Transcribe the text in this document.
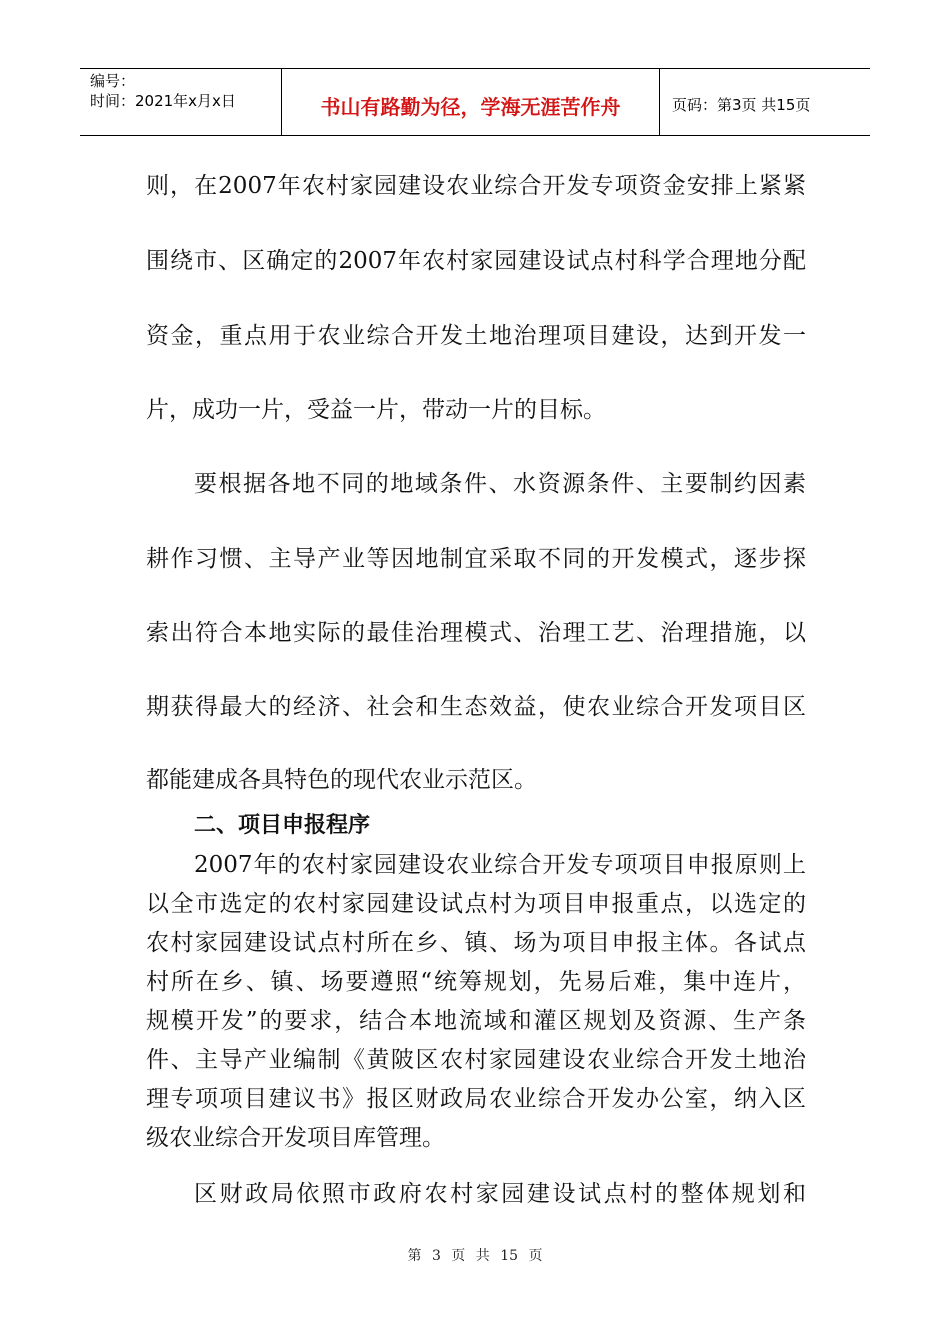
编号：
时间：2021年x月x日	书山有路勤为径，学海无涯苦作舟	页码：第3页 共15页
则，在2007年农村家园建设农业综合开发专项资金安排上紧紧
围绕市、区确定的2007年农村家园建设试点村科学合理地分配
资金，重点用于农业综合开发土地治理项目建设，达到开发一
片，成功一片，受益一片，带动一片的目标。
要根据各地不同的地域条件、水资源条件、主要制约因素
耕作习惯、主导产业等因地制宜采取不同的开发模式，逐步探
索出符合本地实际的最佳治理模式、治理工艺、治理措施，以
期获得最大的经济、社会和生态效益，使农业综合开发项目区
都能建成各具特色的现代农业示范区。
二、项目申报程序
2007年的农村家园建设农业综合开发专项项目申报原则上
以全市选定的农村家园建设试点村为项目申报重点，以选定的
农村家园建设试点村所在乡、镇、场为项目申报主体。各试点
村所在乡、镇、场要遵照“统筹规划，先易后难，集中连片，
规模开发”的要求，结合本地流域和灌区规划及资源、生产条
件、主导产业编制《黄陂区农村家园建设农业综合开发土地治
理专项项目建议书》报区财政局农业综合开发办公室，纳入区
级农业综合开发项目库管理。
区财政局依照市政府农村家园建设试点村的整体规划和
第 3 页 共 15 页
